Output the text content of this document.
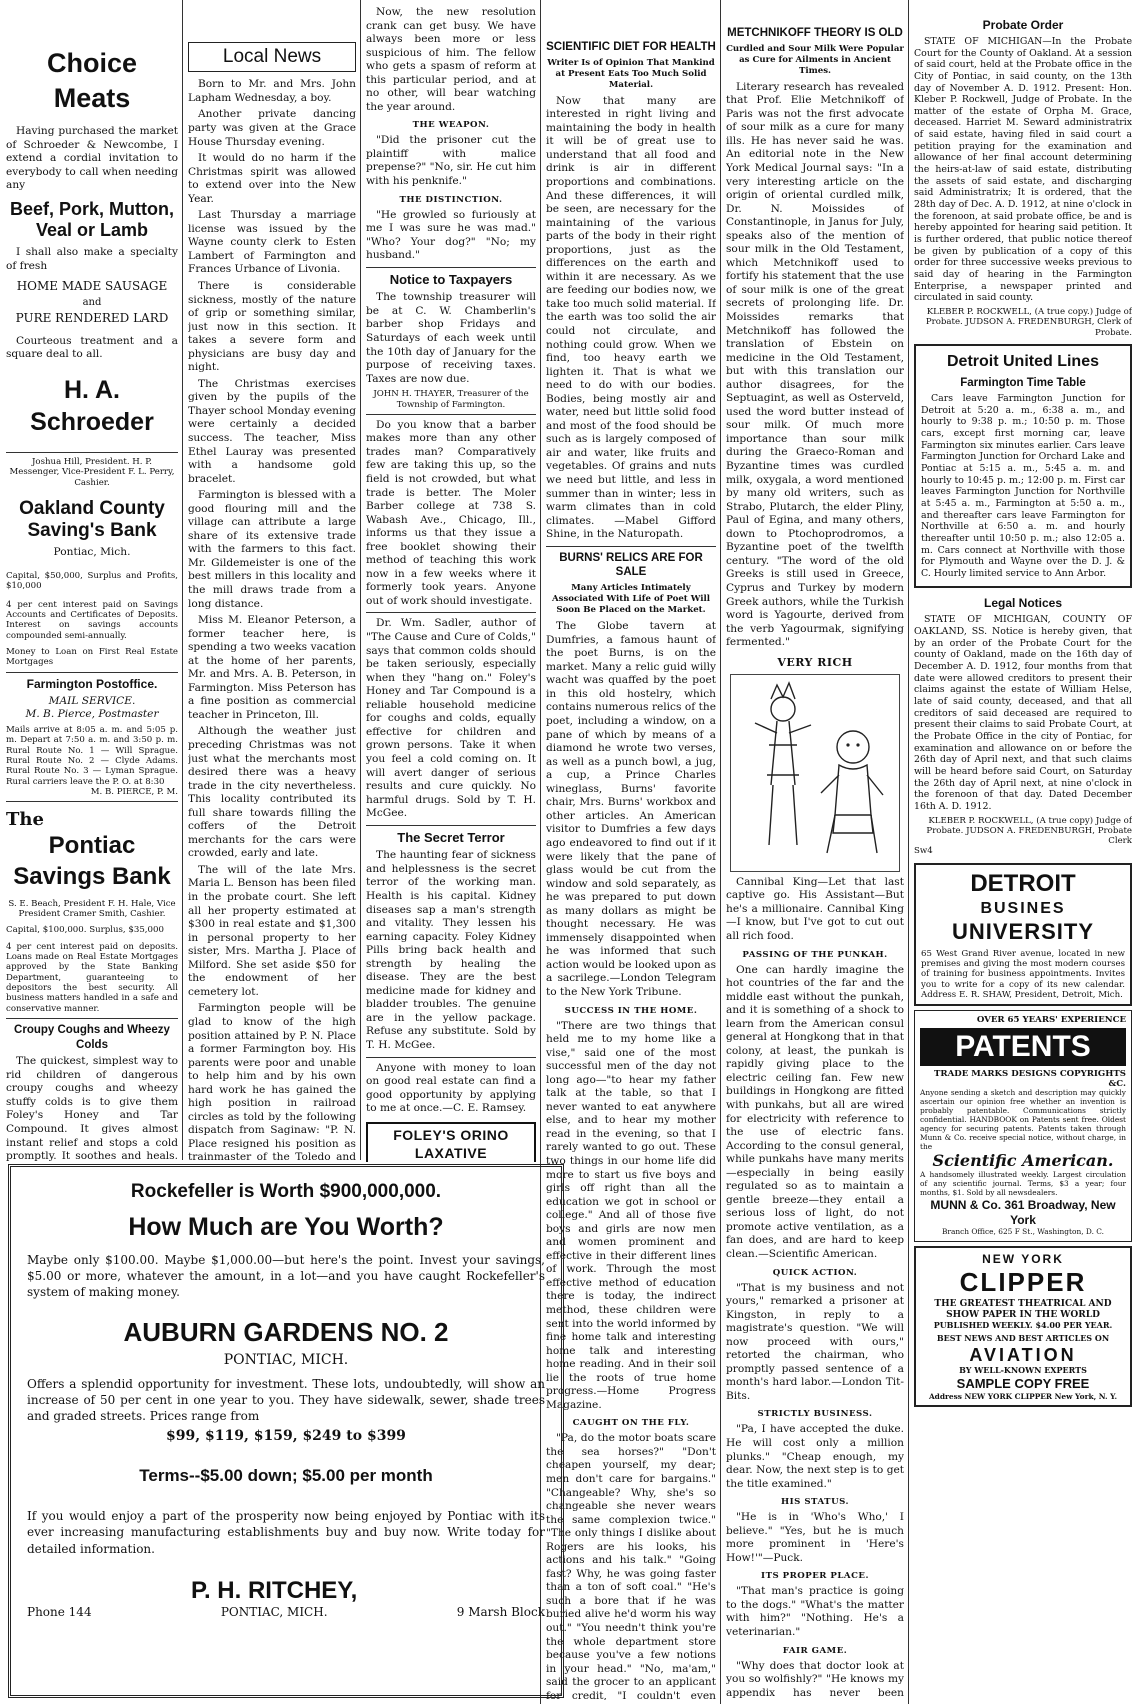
Choice Meats

Having purchased the market of Schroeder & Newcombe, I extend a cordial invitation to everybody to call when needing any

Beef, Pork, Mutton, Veal or Lamb

I shall also make a specialty of fresh

HOME MADE SAUSAGE
and
PURE RENDERED LARD

Courteous treatment and a square deal to all.

H. A. Schroeder
Joshua Hill, President. H. P. Messenger, Vice-President F. L. Perry, Cashier.
Oakland County Saving's Bank
Pontiac, Mich.
Capital, $50,000, Surplus and Profits, $10,000
4 per cent interest paid on Savings Accounts and Certificates of Deposits. Interest on savings accounts compounded semi-annually.
Money to Loan on First Real Estate Mortgages
Farmington Postoffice.
MAIL SERVICE.
M. B. Pierce, Postmaster
Mails arrive at 8:05 a. m. and 5:05 p. m. Depart at 7:50 a. m. and 3:50 p. m. Rural Route No. 1 — Will Sprague. Rural Route No. 2 — Clyde Adams. Rural Route No. 3 — Lyman Sprague. Rural carriers leave the P. O. at 8:30
M. B. PIERCE, P. M.
The
Pontiac
Savings Bank
S. E. Beach, President F. H. Hale, Vice President Cramer Smith, Cashier.
Capital, $100,000. Surplus, $35,000
4 per cent interest paid on deposits. Loans made on Real Estate Mortgages approved by the State Banking Department, guaranteeing to depositors the best security. All business matters handled in a safe and conservative manner.
Croupy Coughs and Wheezy Colds

The quickest, simplest way to rid children of dangerous croupy coughs and wheezy stuffy colds is to give them Foley's Honey and Tar Compound. It gives almost instant relief and stops a cold promptly. It soothes and heals.

Local News

Born to Mr. and Mrs. John Lapham Wednesday, a boy.

Another private dancing party was given at the Grace House Thursday evening.

It would do no harm if the Christmas spirit was allowed to extend over into the New Year.

Last Thursday a marriage license was issued by the Wayne county clerk to Esten Lambert of Farmington and Frances Urbance of Livonia.

There is considerable sickness, mostly of the nature of grip or something similar, just now in this section. It takes a severe form and physicians are busy day and night.

The Christmas exercises given by the pupils of the Thayer school Monday evening were certainly a decided success. The teacher, Miss Ethel Lauray was presented with a handsome gold bracelet.

Farmington is blessed with a good flouring mill and the village can attribute a large share of its extensive trade with the farmers to this fact. Mr. Gildemeister is one of the best millers in this locality and the mill draws trade from a long distance.

Miss M. Eleanor Peterson, a former teacher here, is spending a two weeks vacation at the home of her parents, Mr. and Mrs. A. B. Peterson, in Farmington. Miss Peterson has a fine position as commercial teacher in Princeton, Ill.

Although the weather just preceding Christmas was not just what the merchants most desired there was a heavy trade in the city nevertheless. This locality contributed its full share towards filling the coffers of the Detroit merchants for the cars were crowded, early and late.

The will of the late Mrs. Maria L. Benson has been filed in the probate court. She left all her property estimated at $300 in real estate and $1,300 in personal property to her sister, Mrs. Martha J. Place of Milford. She set aside $50 for the endowment of her cemetery lot.

Farmington people will be glad to know of the high position attained by P. N. Place a former Farmington boy. His parents were poor and unable to help him and by his own hard work he has gained the high position in railroad circles as told by the following dispatch from Saginaw: "P. N. Place resigned his position as trainmaster of the Toledo and

Now, the new resolution crank can get busy. We have always been more or less suspicious of him. The fellow who gets a spasm of reform at this particular period, and at no other, will bear watching the year around.

THE WEAPON.

"Did the prisoner cut the plaintiff with malice prepense?" "No, sir. He cut him with his penknife."

THE DISTINCTION.

"He growled so furiously at me I was sure he was mad." "Who? Your dog?" "No; my husband."

Notice to Taxpayers

The township treasurer will be at C. W. Chamberlin's barber shop Fridays and Saturdays of each week until the 10th day of January for the purpose of receiving taxes. Taxes are now due.

JOHN H. THAYER, Treasurer of the Township of Farmington.

Do you know that a barber makes more than any other trades man? Comparatively few are taking this up, so the field is not crowded, but what trade is better. The Moler Barber college at 738 S. Wabash Ave., Chicago, Ill., informs us that they issue a free booklet showing their method of teaching this work now in a few weeks where it formerly took years. Anyone out of work should investigate.

Dr. Wm. Sadler, author of "The Cause and Cure of Colds," says that common colds should be taken seriously, especially when they "hang on." Foley's Honey and Tar Compound is a reliable household medicine for coughs and colds, equally effective for children and grown persons. Take it when you feel a cold coming on. It will avert danger of serious results and cure quickly. No harmful drugs. Sold by T. H. McGee.

The Secret Terror

The haunting fear of sickness and helplessness is the secret terror of the working man. Health is his capital. Kidney diseases sap a man's strength and vitality. They lessen his earning capacity. Foley Kidney Pills bring back health and strength by healing the disease. They are the best medicine made for kidney and bladder troubles. The genuine are in the yellow package. Refuse any substitute. Sold by T. H. McGee.

Anyone with money to loan on good real estate can find a good opportunity by applying to me at once.—C. E. Ramsey.

FOLEY'S ORINO LAXATIVE
SCIENTIFIC DIET FOR HEALTH
Writer Is of Opinion That Mankind at Present Eats Too Much Solid Material.

Now that many are interested in right living and maintaining the body in health it will be of great use to understand that all food and drink is air in different proportions and combinations. And these differences, it will be seen, are necessary for the maintaining of the various parts of the body in their right proportions, just as the differences on the earth and within it are necessary. As we are feeding our bodies now, we take too much solid material. If the earth was too solid the air could not circulate, and nothing could grow. When we find, too heavy earth we lighten it. That is what we need to do with our bodies. Bodies, being mostly air and water, need but little solid food and most of the food should be such as is largely composed of air and water, like fruits and vegetables. Of grains and nuts we need but little, and less in summer than in winter; less in warm climates than in cold climates. —Mabel Gifford Shine, in the Naturopath.

BURNS' RELICS ARE FOR SALE
Many Articles Intimately Associated With Life of Poet Will Soon Be Placed on the Market.

The Globe tavern at Dumfries, a famous haunt of the poet Burns, is on the market. Many a relic guid willy wacht was quaffed by the poet in this old hostelry, which contains numerous relics of the poet, including a window, on a pane of which by means of a diamond he wrote two verses, as well as a punch bowl, a jug, a cup, a Prince Charles wineglass, Burns' favorite chair, Mrs. Burns' workbox and other articles. An American visitor to Dumfries a few days ago endeavored to find out if it were likely that the pane of glass would be cut from the window and sold separately, as he was prepared to put down as many dollars as might be thought necessary. He was immensely disappointed when he was informed that such action would be looked upon as a sacrilege.—London Telegram to the New York Tribune.

SUCCESS IN THE HOME.

"There are two things that held me to my home like a vise," said one of the most successful men of the day not long ago—"to hear my father talk at the table, so that I never wanted to eat anywhere else, and to hear my mother read in the evening, so that I rarely wanted to go out. These two things in our home life did more to start us five boys and girls off right than all the education we got in school or college." And all of those five boys and girls are now men and women prominent and effective in their different lines of work. Through the most effective method of education there is today, the indirect method, these children were sent into the world informed by fine home talk and interesting home talk and interesting home reading. And in their soil lie the roots of true home progress.—Home Progress Magazine.

CAUGHT ON THE FLY.

"Pa, do the motor boats scare the sea horses?" "Don't cheapen yourself, my dear; men don't care for bargains." "Changeable? Why, she's so changeable she never wears the same complexion twice." "The only things I dislike about Rogers are his looks, his actions and his talk." "Going fast? Why, he was going faster than a ton of soft coal." "He's such a bore that if he was buried alive he'd worm his way out." "You needn't think you're the whole department store because you've a few notions in your head." "No, ma'am," said the grocer to an applicant for credit, "I couldn't even

METCHNIKOFF THEORY IS OLD
Curdled and Sour Milk Were Popular as Cure for Ailments in Ancient Times.

Literary research has revealed that Prof. Elie Metchnikoff of Paris was not the first advocate of sour milk as a cure for many ills. He has never said he was. An editorial note in the New York Medical Journal says: "In a very interesting article on the origin of oriental curdled milk, Dr. N. Moissides of Constantinople, in Janus for July, speaks also of the mention of sour milk in the Old Testament, which Metchnikoff used to fortify his statement that the use of sour milk is one of the great secrets of prolonging life. Dr. Moissides remarks that Metchnikoff has followed the translation of Ebstein on medicine in the Old Testament, but with this translation our author disagrees, for the Septuagint, as well as Osterveld, used the word butter instead of sour milk. Of much more importance than sour milk during the Graeco-Roman and Byzantine times was curdled milk, oxygala, a word mentioned by many old writers, such as Strabo, Plutarch, the elder Pliny, Paul of Egina, and many others, down to Ptochoprodromos, a Byzantine poet of the twelfth century. "The word of the old Greeks is still used in Greece, Cyprus and Turkey by modern Greek authors, while the Turkish word is Yagourte, derived from the verb Yagourmak, signifying fermented."

VERY RICH

Cannibal King—Let that last captive go. His Assistant—But he's a millionaire. Cannibal King—I know, but I've got to cut out all rich food.

PASSING OF THE PUNKAH.

One can hardly imagine the hot countries of the far and the middle east without the punkah, and it is something of a shock to learn from the American consul general at Hongkong that in that colony, at least, the punkah is rapidly giving place to the electric ceiling fan. Few new buildings in Hongkong are fitted with punkahs, but all are wired for electricity with reference to the use of electric fans. According to the consul general, while punkahs have many merits—especially in being easily regulated so as to maintain a gentle breeze—they entail a serious loss of light, do not promote active ventilation, as a fan does, and are hard to keep clean.—Scientific American.

QUICK ACTION.

"That is my business and not yours," remarked a prisoner at Kingston, in reply to a magistrate's question. "We will now proceed with ours," retorted the chairman, who promptly passed sentence of a month's hard labor.—London Tit-Bits.

STRICTLY BUSINESS.

"Pa, I have accepted the duke. He will cost only a million plunks." "Cheap enough, my dear. Now, the next step is to get the title examined."

HIS STATUS.

"He is in 'Who's Who,' I believe." "Yes, but he is much more prominent in 'Here's How!'"—Puck.

ITS PROPER PLACE.

"That man's practice is going to the dogs." "What's the matter with him?" "Nothing. He's a veterinarian."

FAIR GAME.

"Why does that doctor look at you so wolfishly?" "He knows my appendix has never been

Probate Order

STATE OF MICHIGAN—In the Probate Court for the County of Oakland. At a session of said court, held at the Probate office in the City of Pontiac, in said county, on the 13th day of November A. D. 1912. Present: Hon. Kleber P. Rockwell, Judge of Probate. In the matter of the estate of Orpha M. Grace, deceased. Harriet M. Seward administratrix of said estate, having filed in said court a petition praying for the examination and allowance of her final account determining the heirs-at-law of said estate, distributing the assets of said estate, and discharging said Administratrix; It is ordered, that the 28th day of Dec. A. D. 1912, at nine o'clock in the forenoon, at said probate office, be and is hereby appointed for hearing said petition. It is further ordered, that public notice thereof be given by publication of a copy of this order for three successive weeks previous to said day of hearing in the Farmington Enterprise, a newspaper printed and circulated in said county.

KLEBER P. ROCKWELL, (A true copy.) Judge of Probate. JUDSON A. FREDENBURGH, Clerk of Probate.
Detroit United Lines
Farmington Time Table

Cars leave Farmington Junction for Detroit at 5:20 a. m., 6:38 a. m., and hourly to 9:38 p. m.; 10:50 p. m. Those cars, except first morning car, leave Farmington six minutes earlier. Cars leave Farmington Junction for Orchard Lake and Pontiac at 5:15 a. m., 5:45 a. m. and hourly to 10:45 p. m.; 12:00 p. m. First car leaves Farmington Junction for Northville at 5:45 a. m., Farmington at 5:50 a. m., and thereafter cars leave Farmington for Northville at 6:50 a. m. and hourly thereafter until 10:50 p. m.; also 12:05 a. m. Cars connect at Northville with those for Plymouth and Wayne over the D. J. & C. Hourly limited service to Ann Arbor.

Legal Notices

STATE OF MICHIGAN, COUNTY OF OAKLAND, SS. Notice is hereby given, that by an order of the Probate Court for the county of Oakland, made on the 16th day of December A. D. 1912, four months from that date were allowed creditors to present their claims against the estate of William Helse, late of said county, deceased, and that all creditors of said deceased are required to present their claims to said Probate Court, at the Probate Office in the city of Pontiac, for examination and allowance on or before the 26th day of April next, and that such claims will be heard before said Court, on Saturday the 26th day of April next, at nine o'clock in the forenoon of that day. Dated December 16th A. D. 1912.

KLEBER P. ROCKWELL, (A true copy) Judge of Probate. JUDSON A. FREDENBURGH, Probate Clerk
Sw4
DETROIT
BUSINES
UNIVERSITY
65 West Grand River avenue, located in new premises and giving the most modern courses of training for business appointments. Invites you to write for a copy of its new calendar. Address E. R. SHAW, President, Detroit, Mich.
OVER 65 YEARS' EXPERIENCE
PATENTS
TRADE MARKS DESIGNS COPYRIGHTS &C.
Anyone sending a sketch and description may quickly ascertain our opinion free whether an invention is probably patentable. Communications strictly confidential. HANDBOOK on Patents sent free. Oldest agency for securing patents. Patents taken through Munn & Co. receive special notice, without charge, in the
Scientific American.
A handsomely illustrated weekly. Largest circulation of any scientific journal. Terms, $3 a year; four months, $1. Sold by all newsdealers.
MUNN & Co. 361 Broadway, New York
Branch Office, 625 F St., Washington, D. C.
NEW YORK
CLIPPER
THE GREATEST THEATRICAL AND SHOW PAPER IN THE WORLD
PUBLISHED WEEKLY. $4.00 PER YEAR.
BEST NEWS AND BEST ARTICLES ON
AVIATION
BY WELL-KNOWN EXPERTS
SAMPLE COPY FREE
Address NEW YORK CLIPPER New York, N. Y.
Rockefeller is Worth $900,000,000.
How Much are You Worth?
Maybe only $100.00. Maybe $1,000.00—but here's the point. Invest your savings, $5.00 or more, whatever the amount, in a lot—and you have caught Rockefeller's system of making money.
AUBURN GARDENS NO. 2
PONTIAC, MICH.
Offers a splendid opportunity for investment. These lots, undoubtedly, will show an increase of 50 per cent in one year to you. They have sidewalk, sewer, shade trees and graded streets. Prices range from
$99, $119, $159, $249 to $399
Terms--$5.00 down; $5.00 per month
If you would enjoy a part of the prosperity now being enjoyed by Pontiac with its ever increasing manufacturing establishments buy and buy now. Write today for detailed information.
Phone 144
P. H. RITCHEY,
PONTIAC, MICH.	9 Marsh Block
